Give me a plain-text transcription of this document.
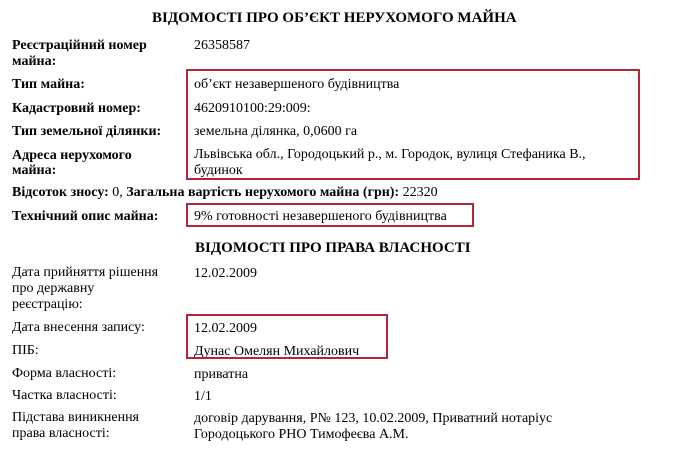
ВІДОМОСТІ ПРО ОБ’ЄКТ НЕРУХОМОГО МАЙНА
Реєстраційний номер
майна:
26358587
Тип майна:	об’єкт незавершеного будівництва
Кадастровий номер:	4620910100:29:009:
Тип земельної ділянки: земельна ділянка, 0,0600 га
Адреса нерухомого
майна:
Львівська обл., Городоцький р., м. Городок, вулиця Стефаника В.,
будинок
Відсоток зносу: 0, Загальна вартість нерухомого майна (грн): 22320
Технічний опис майна:	9% готовності незавершеного будівництва
ВІДОМОСТІ ПРО ПРАВА ВЛАСНОСТІ
Дата прийняття рішення
про державну
реєстрацію:
12.02.2009
Дата внесення запису:	12.02.2009
ПІБ:	Дунас Омелян Михайлович
Форма власності:	приватна
Частка власності:	1/1
Підстава виникнення
права власності:
договір дарування, Р№ 123, 10.02.2009, Приватний нотаріус
Городоцького РНО Тимофеєва А.М.
